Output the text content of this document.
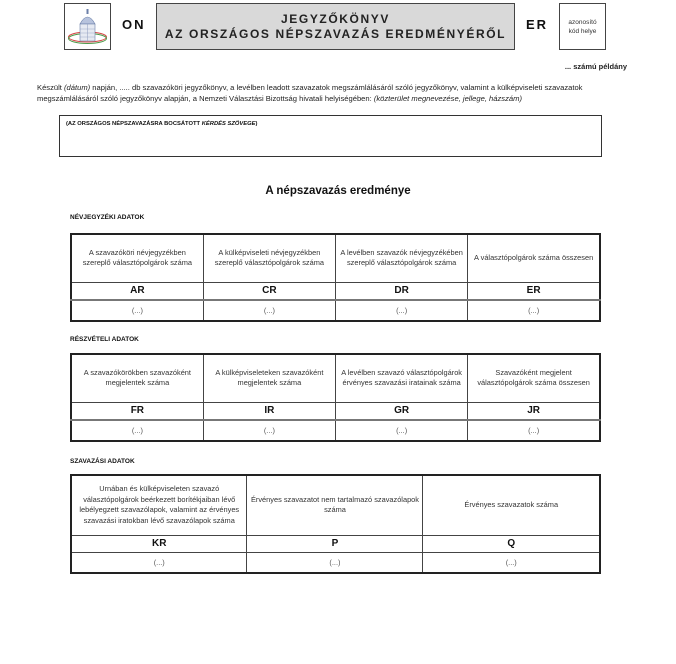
ON	JEGYZŐKÖNYV
AZ ORSZÁGOS NÉPSZAVAZÁS EREDMÉNYÉRŐL
ER	azonosító
kód helye
... számú példány
Készült (dátum) napján, ..... db szavazóköri jegyzőkönyv, a levélben leadott szavazatok megszámlálásáról szóló jegyzőkönyv, valamint a külképviseleti szavazatok megszámlálásáról szóló jegyzőkönyv alapján, a Nemzeti Választási Bizottság hivatali helyiségében: (közterület megnevezése, jellege, házszám)
(AZ ORSZÁGOS NÉPSZAVAZÁSRA BOCSÁTOTT KÉRDÉS SZÖVEGE)
A népszavazás eredménye
NÉVJEGYZÉKI ADATOK
A szavazóköri névjegyzékben szereplő választópolgárok száma	A külképviseleti névjegyzékben szereplő választópolgárok száma	A levélben szavazók névjegyzékében szereplő választópolgárok száma	A választópolgárok száma összesen
AR	CR	DR	ER
(...)	(...)	(...)	(...)
RÉSZVÉTELI ADATOK
A szavazókörökben szavazóként megjelentek száma	A külképviseleteken szavazóként megjelentek száma	A levélben szavazó választópolgárok érvényes szavazási iratainak száma	Szavazóként megjelent választópolgárok száma összesen
FR	IR	GR	JR
(...)	(...)	(...)	(...)
SZAVAZÁSI ADATOK
Urnában és külképviseleten szavazó választópolgárok beérkezett borítékjaiban lévő lebélyegzett szavazólapok, valamint az érvényes szavazási iratokban lévő szavazólapok száma	Érvényes szavazatot nem tartalmazó szavazólapok száma	Érvényes szavazatok száma
KR	P	Q
(...)	(...)	(...)
